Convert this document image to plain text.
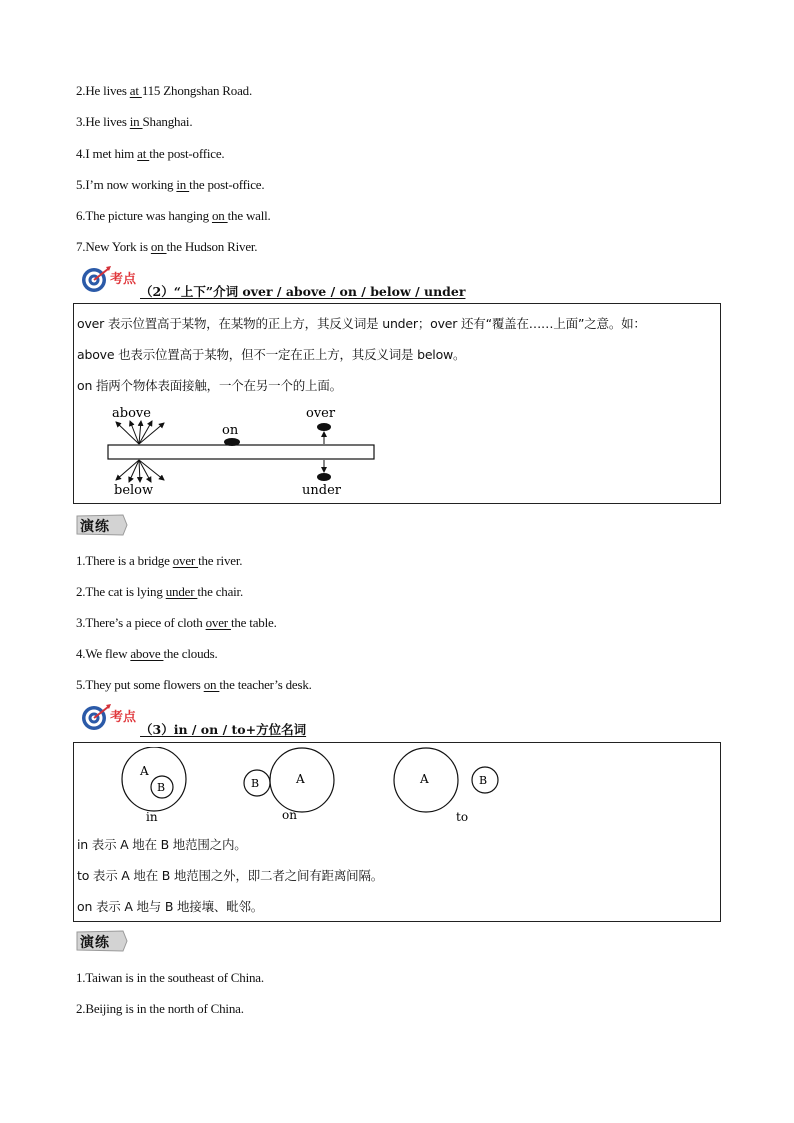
2.He lives at 115 Zhongshan Road.
3.He lives in Shanghai.
4.I met him at the post-office.
5.I’m now working in the post-office.
6.The picture was hanging on the wall.
7.New York is on the Hudson River.
考点
（2）“上下”介词 over / above / on / below / under
over 表示位置高于某物，在某物的正上方，其反义词是 under；over 还有“覆盖在……上面”之意。如：
above 也表示位置高于某物，但不一定在正上方，其反义词是 below。
on 指两个物体表面接触，一个在另一个的上面。
above
on
over
below	under
演练
1.There is a bridge over the river.
2.The cat is lying under the chair.
3.There’s a piece of cloth over the table.
4.We flew above the clouds.
5.They put some flowers on the teacher’s desk.
考点
（3）in / on / to+方位名词
A
B
in
B	A
on
A	B
to
in 表示 A 地在 B 地范围之内。
to 表示 A 地在 B 地范围之外，即二者之间有距离间隔。
on 表示 A 地与 B 地接壤、毗邻。
演练
1.Taiwan is in the southeast of China.
2.Beijing is in the north of China.
